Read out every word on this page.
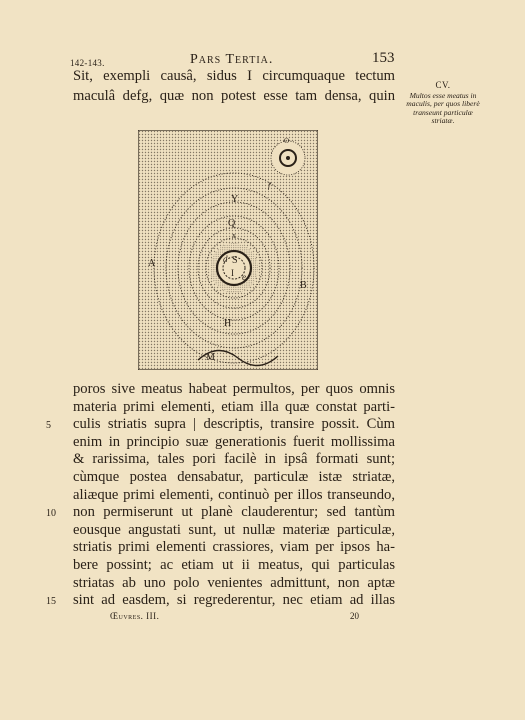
142-143.	Pars Tertia.	153
CV.
Multos esse meatus in maculis, per quos liberè transeunt particulæ striatæ.
Sit, exempli causâ, sidus I circumquaque tectum
maculâ defg, quæ non potest esse tam densa, quin
poros sive meatus habeat permultos, per quos omnis
materia primi elementi, etiam illa quæ constat parti-
culis striatis supra | descriptis, transire possit. Cùm
5
enim in principio suæ generationis fuerit mollissima
& rarissima, tales pori facilè in ipsâ formati sunt;
cùmque postea densabatur, particulæ istæ striatæ,
aliæque primi elementi, continuò per illos transeundo,
non permiserunt ut planè clauderentur; sed tantùm
10
eousque angustati sunt, ut nullæ materiæ particulæ,
striatis primi elementi crassiores, viam per ipsos ha-
bere possint; ac etiam ut ii meatus, qui particulas
striatas ab uno polo venientes admittunt, non aptæ
sint ad easdem, si regrederentur, nec etiam ad illas
15
Y
f
Q
A
B
H
M
d
e
S
I
x
O
Œuvres. III.	20
